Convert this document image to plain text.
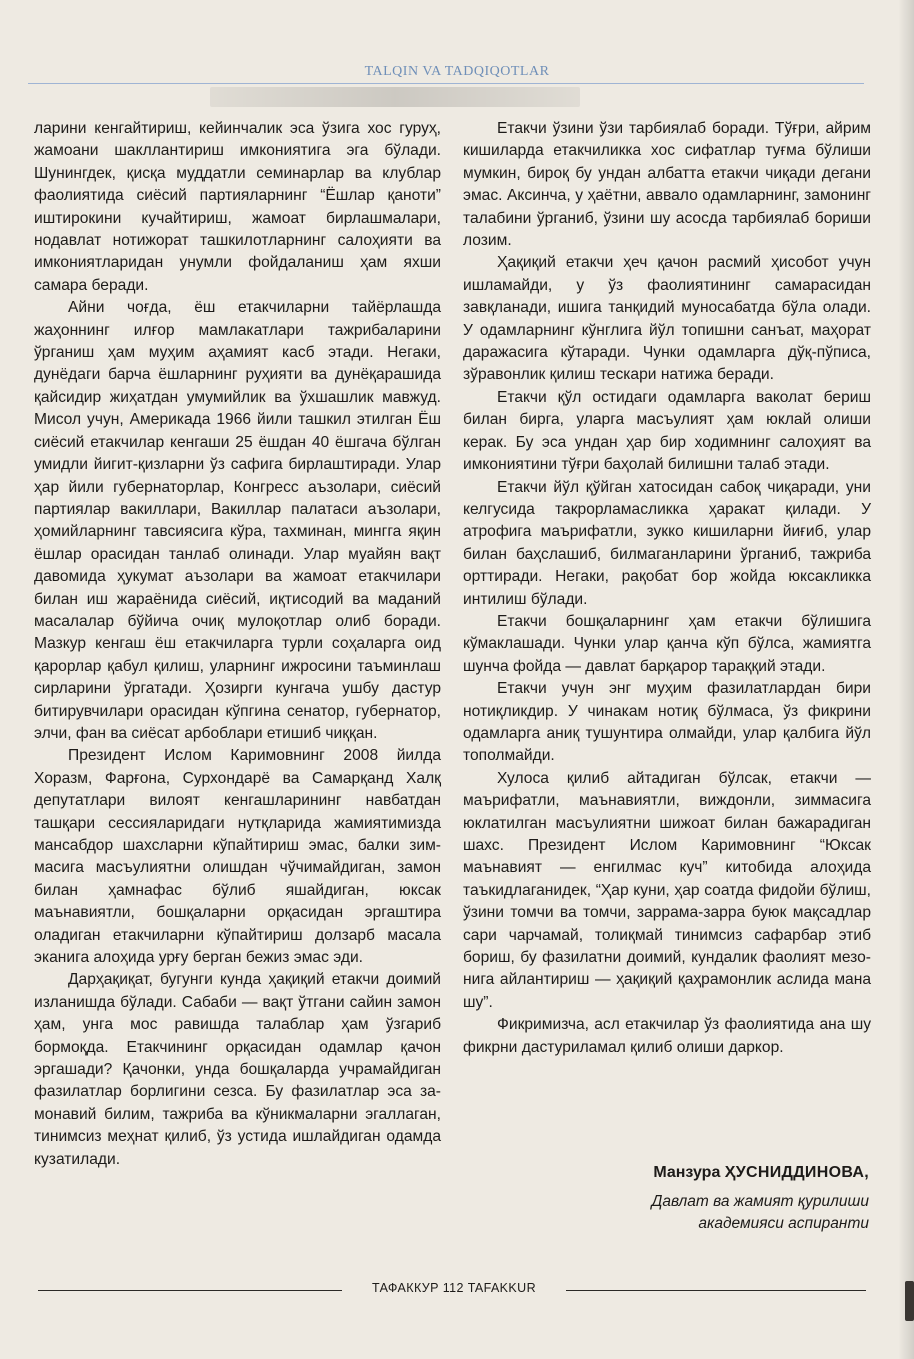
TALQIN VA TADQIQOTLAR

ларини кенгайтириш, кейинчалик эса ўзига хос гуруҳ, жамоани шакллантириш имкониятига эга бўлади. Шунингдек, қисқа муддатли семинарлар ва клублар фаолиятида сиёсий партияларнинг “Ёшлар қаноти” иштирокини кучайтириш, жамоат бирлашмалари, нодавлат нотижорат ташкилотларнинг салоҳияти ва имкониятларидан унумли фойдаланиш ҳам яхши самара беради.

Айни чоғда, ёш етакчиларни тайёрлашда жаҳоннинг илғор мамлакатлари тажрибаларини ўрганиш ҳам муҳим аҳамият касб этади. Негаки, дунёдаги барча ёшларнинг руҳияти ва дунёқарашида қайсидир жиҳатдан умумийлик ва ўхшашлик мавжуд. Мисол учун, Америкада 1966 йили ташкил этилган Ёш сиёсий етакчилар кенгаши 25 ёшдан 40 ёшгача бўлган умидли йигит-қизларни ўз сафига бирлаштиради. Улар ҳар йили губернаторлар, Конгресс аъзолари, сиёсий партиялар вакиллари, Вакиллар палатаси аъзолари, ҳомийларнинг тавсиясига кўра, тахминан, мингга яқин ёшлар орасидан танлаб олинади. Улар муайян вақт давомида ҳукумат аъзолари ва жамоат етакчилари билан иш жараёнида сиёсий, иқтисодий ва маданий масалалар бўйича очиқ мулоқотлар олиб боради. Мазкур кенгаш ёш етакчиларга турли соҳаларга оид қарорлар қабул қилиш, уларнинг ижросини таъминлаш сирларини ўргатади. Ҳозирги кунгача ушбу дастур битирувчилари орасидан кўпгина сенатор, губернатор, элчи, фан ва сиёсат арбоблари етишиб чиққан.

Президент Ислом Каримовнинг 2008 йилда Хоразм, Фарғона, Сурхондарё ва Самарқанд Халқ депутатлари вилоят кенгашларининг навбатдан ташқари сессияларидаги нутқларида жамиятимизда мансабдор шахсларни кўпайтириш эмас, балки зиммасига масъулиятни олишдан чўчимайдиган, замон билан ҳамнафас бўлиб яшайдиган, юксак маънавиятли, бошқаларни орқасидан эргаштира оладиган етакчиларни кўпайтириш долзарб масала эканига алоҳида урғу берган бежиз эмас эди.

Дарҳақиқат, бугунги кунда ҳақиқий етакчи доимий изланишда бўлади. Сабаби — вақт ўтгани сайин замон ҳам, унга мос равишда талаблар ҳам ўзгариб бормоқда. Етакчининг орқасидан одамлар қачон эргашади? Қачонки, унда бошқаларда учрамайдиган фазилатлар борлигини сезса. Бу фазилатлар эса замонавий билим, тажриба ва кўникмаларни эгаллаган, тинимсиз меҳнат қилиб, ўз устида ишлайдиган одамда кузатилади.

Етакчи ўзини ўзи тарбиялаб боради. Тўғри, айрим кишиларда етакчиликка хос сифатлар туғма бўлиши мумкин, бироқ бу ундан албатта етакчи чиқади дегани эмас. Аксинча, у ҳаётни, аввало одамларнинг, замонинг талабини ўрганиб, ўзини шу асосда тарбиялаб бориши лозим.

Ҳақиқий етакчи ҳеч қачон расмий ҳисобот учун ишламайди, у ўз фаолиятининг самарасидан завқланади, ишига танқидий муносабатда бўла олади. У одамларнинг кўнглига йўл топишни санъат, маҳорат даражасига кўтаради. Чунки одамларга дўқ-пўписа, зўравонлик қилиш тескари натижа беради.

Етакчи қўл остидаги одамларга ваколат бериш билан бирга, уларга масъулият ҳам юклай олиши керак. Бу эса ундан ҳар бир ходимнинг салоҳият ва имкониятини тўғри баҳолай билишни талаб этади.

Етакчи йўл қўйган хатосидан сабоқ чиқаради, уни келгусида такрорламасликка ҳаракат қилади. У атрофига маърифатли, зукко кишиларни йиғиб, улар билан баҳслашиб, билмаганларини ўрганиб, тажриба орттиради. Негаки, рақобат бор жойда юксакликка интилиш бўлади.

Етакчи бошқаларнинг ҳам етакчи бўлишига кўмаклашади. Чунки улар қанча кўп бўлса, жамиятга шунча фойда — давлат барқарор тараққий этади.

Етакчи учун энг муҳим фазилатлардан бири нотиқликдир. У чинакам нотиқ бўлмаса, ўз фикрини одамларга аниқ тушунтира олмайди, улар қалбига йўл тополмайди.

Хулоса қилиб айтадиган бўлсак, етакчи — маърифатли, маънавиятли, виждонли, зиммасига юклатилган масъулиятни шижоат билан бажарадиган шахс. Президент Ислом Каримовнинг “Юксак маънавият — енгилмас куч” китобида алоҳида таъкидлаганидек, “Ҳар куни, ҳар соатда фидойи бўлиш, ўзини томчи ва томчи, заррама-зарра буюк мақсадлар сари чарчамай, толиқмай тинимсиз сафарбар этиб бориш, бу фазилатни доимий, кундалик фаолият мезонига айлантириш — ҳақиқий қаҳрамонлик аслида мана шу”.

Фикримизча, асл етакчилар ўз фаолиятида ана шу фикрни дастуриламал қилиб олиши даркор.

Манзура ҲУСНИДДИНОВА,
Давлат ва жамият қурилиши
академияси аспиранти
ТАФАККУР 112 TAFAKKUR
